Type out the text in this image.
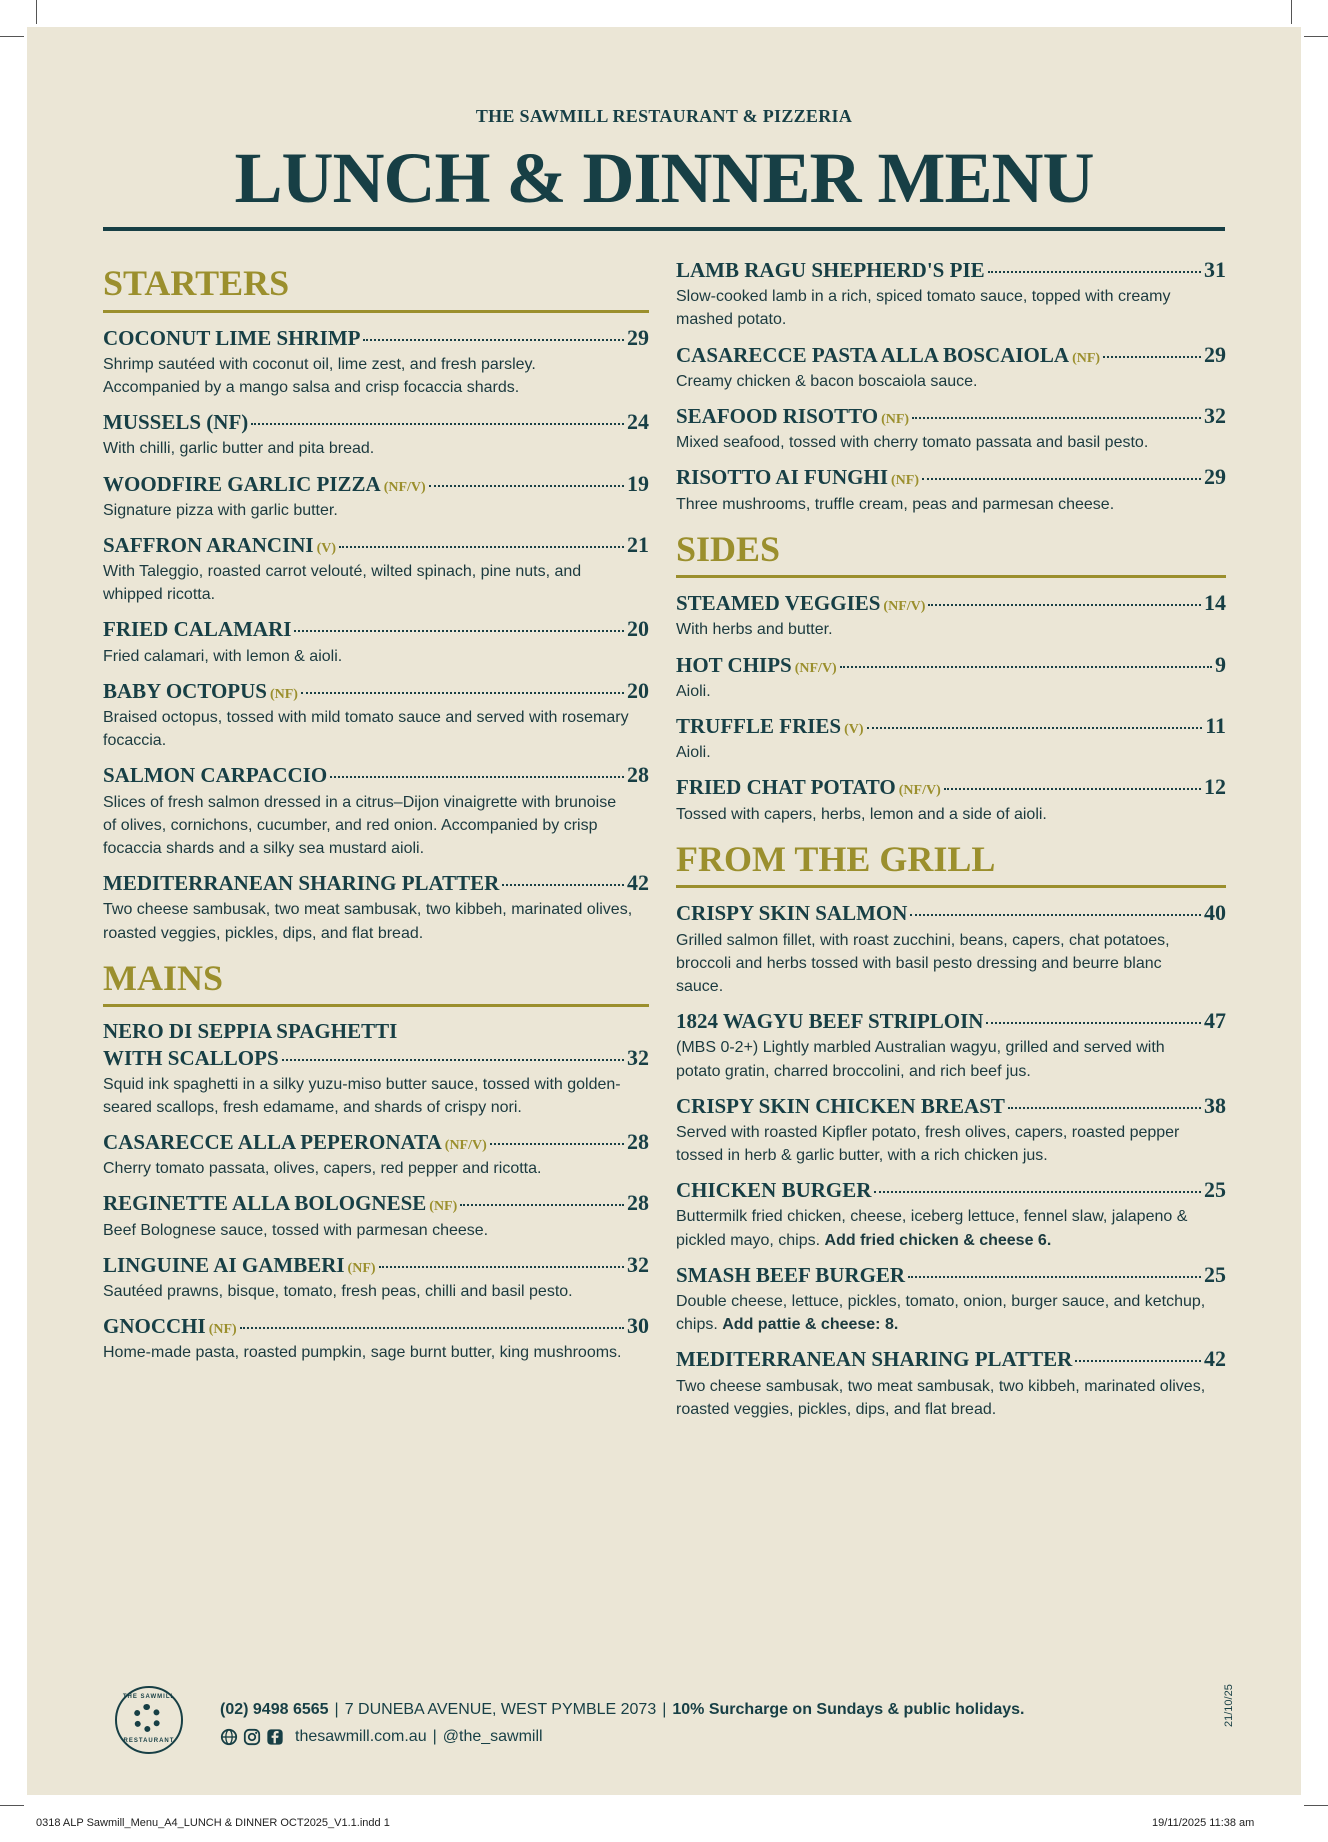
THE SAWMILL RESTAURANT & PIZZERIA
LUNCH & DINNER MENU
STARTERS
COCONUT LIME SHRIMP	29
Shrimp sautéed with coconut oil, lime zest, and fresh parsley. Accompanied by a mango salsa and crisp focaccia shards.
MUSSELS (NF)	24
With chilli, garlic butter and pita bread.
WOODFIRE GARLIC PIZZA (NF/V)	19
Signature pizza with garlic butter.
SAFFRON ARANCINI (V)	21
With Taleggio, roasted carrot velouté, wilted spinach, pine nuts, and whipped ricotta.
FRIED CALAMARI	20
Fried calamari, with lemon & aioli.
BABY OCTOPUS (NF)	20
Braised octopus, tossed with mild tomato sauce and served with rosemary focaccia.
SALMON CARPACCIO	28
Slices of fresh salmon dressed in a citrus–Dijon vinaigrette with brunoise of olives, cornichons, cucumber, and red onion. Accompanied by crisp focaccia shards and a silky sea mustard aioli.
MEDITERRANEAN SHARING PLATTER	42
Two cheese sambusak, two meat sambusak, two kibbeh, marinated olives, roasted veggies, pickles, dips, and flat bread.
MAINS
NERO DI SEPPIA SPAGHETTI
WITH SCALLOPS	32
Squid ink spaghetti in a silky yuzu-miso butter sauce, tossed with golden-seared scallops, fresh edamame, and shards of crispy nori.
CASARECCE ALLA PEPERONATA (NF/V)	28
Cherry tomato passata, olives, capers, red pepper and ricotta.
REGINETTE ALLA BOLOGNESE (NF)	28
Beef Bolognese sauce, tossed with parmesan cheese.
LINGUINE AI GAMBERI (NF)	32
Sautéed prawns, bisque, tomato, fresh peas, chilli and basil pesto.
GNOCCHI (NF)	30
Home-made pasta, roasted pumpkin, sage burnt butter, king mushrooms.
LAMB RAGU SHEPHERD'S PIE	31
Slow-cooked lamb in a rich, spiced tomato sauce, topped with creamy mashed potato.
CASARECCE PASTA ALLA BOSCAIOLA (NF)	29
Creamy chicken & bacon boscaiola sauce.
SEAFOOD RISOTTO (NF)	32
Mixed seafood, tossed with cherry tomato passata and basil pesto.
RISOTTO AI FUNGHI (NF)	29
Three mushrooms, truffle cream, peas and parmesan cheese.
SIDES
STEAMED VEGGIES (NF/V)	14
With herbs and butter.
HOT CHIPS (NF/V)	9
Aioli.
TRUFFLE FRIES (V)	11
Aioli.
FRIED CHAT POTATO (NF/V)	12
Tossed with capers, herbs, lemon and a side of aioli.
FROM THE GRILL
CRISPY SKIN SALMON	40
Grilled salmon fillet, with roast zucchini, beans, capers, chat potatoes, broccoli and herbs tossed with basil pesto dressing and beurre blanc sauce.
1824 WAGYU BEEF STRIPLOIN	47
(MBS 0-2+) Lightly marbled Australian wagyu, grilled and served with potato gratin, charred broccolini, and rich beef jus.
CRISPY SKIN CHICKEN BREAST	38
Served with roasted Kipfler potato, fresh olives, capers, roasted pepper tossed in herb & garlic butter, with a rich chicken jus.
CHICKEN BURGER	25
Buttermilk fried chicken, cheese, iceberg lettuce, fennel slaw, jalapeno & pickled mayo, chips. Add fried chicken & cheese 6.
SMASH BEEF BURGER	25
Double cheese, lettuce, pickles, tomato, onion, burger sauce, and ketchup, chips. Add pattie & cheese: 8.
MEDITERRANEAN SHARING PLATTER	42
Two cheese sambusak, two meat sambusak, two kibbeh, marinated olives, roasted veggies, pickles, dips, and flat bread.
THE SAWMILL
RESTAURANT
(02) 9498 6565 | 7 DUNEBA AVENUE, WEST PYMBLE 2073 | 10% Surcharge on Sundays & public holidays.
thesawmill.com.au | @the_sawmill
21/10/25
0318 ALP Sawmill_Menu_A4_LUNCH & DINNER OCT2025_V1.1.indd 1	19/11/2025 11:38 am
